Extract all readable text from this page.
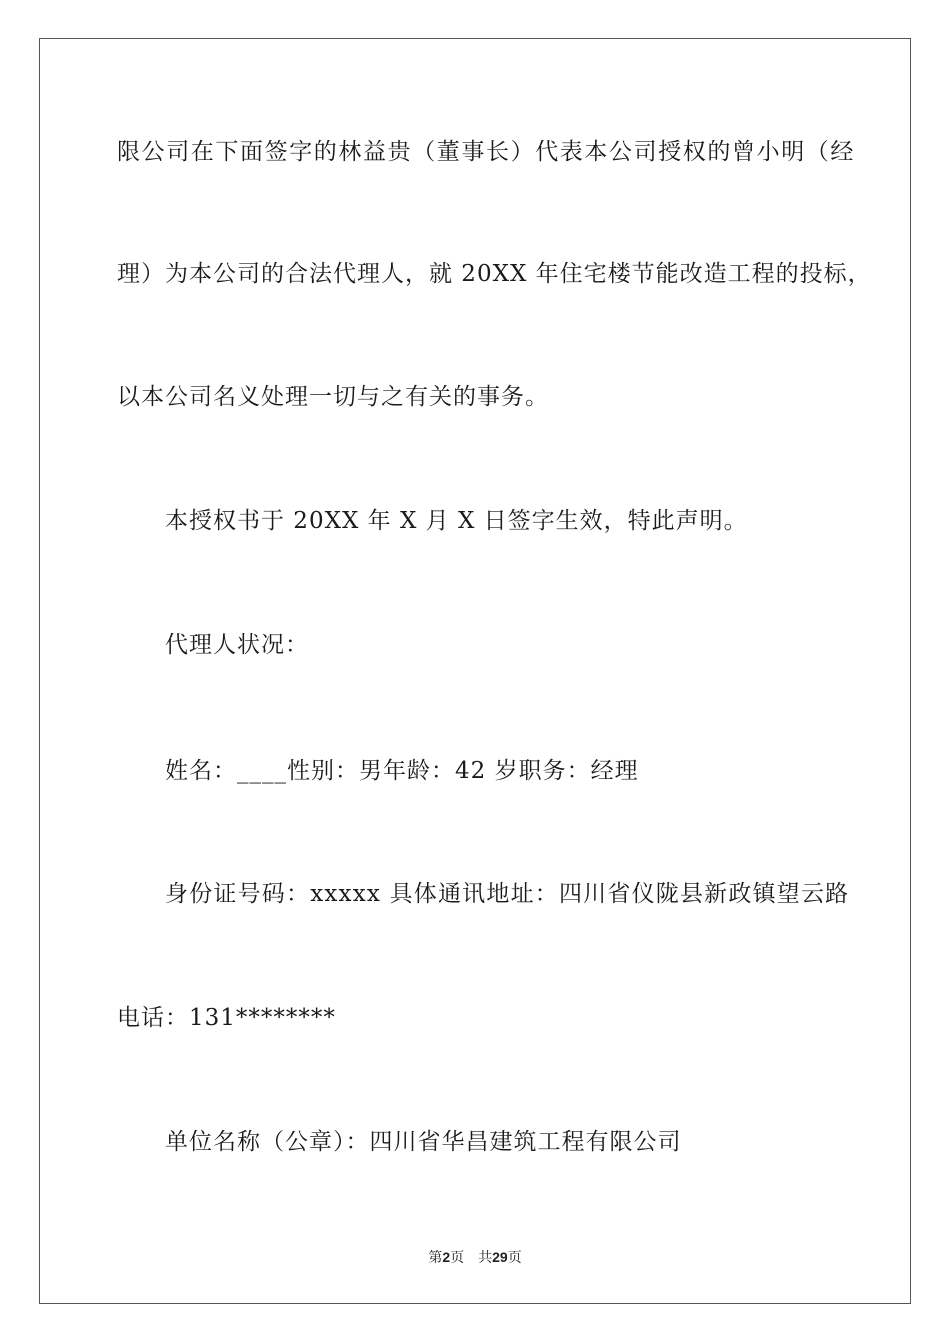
限公司在下面签字的林益贵（董事长）代表本公司授权的曾小明（经
理）为本公司的合法代理人，就 20XX 年住宅楼节能改造工程的投标，
以本公司名义处理一切与之有关的事务。
本授权书于 20XX 年 X 月 X 日签字生效，特此声明。
代理人状况：
姓名：____性别：男年龄：42 岁职务：经理
身份证号码：xxxxx 具体通讯地址：四川省仪陇县新政镇望云路
电话：131********
单位名称（公章）：四川省华昌建筑工程有限公司
第2页 共29页
